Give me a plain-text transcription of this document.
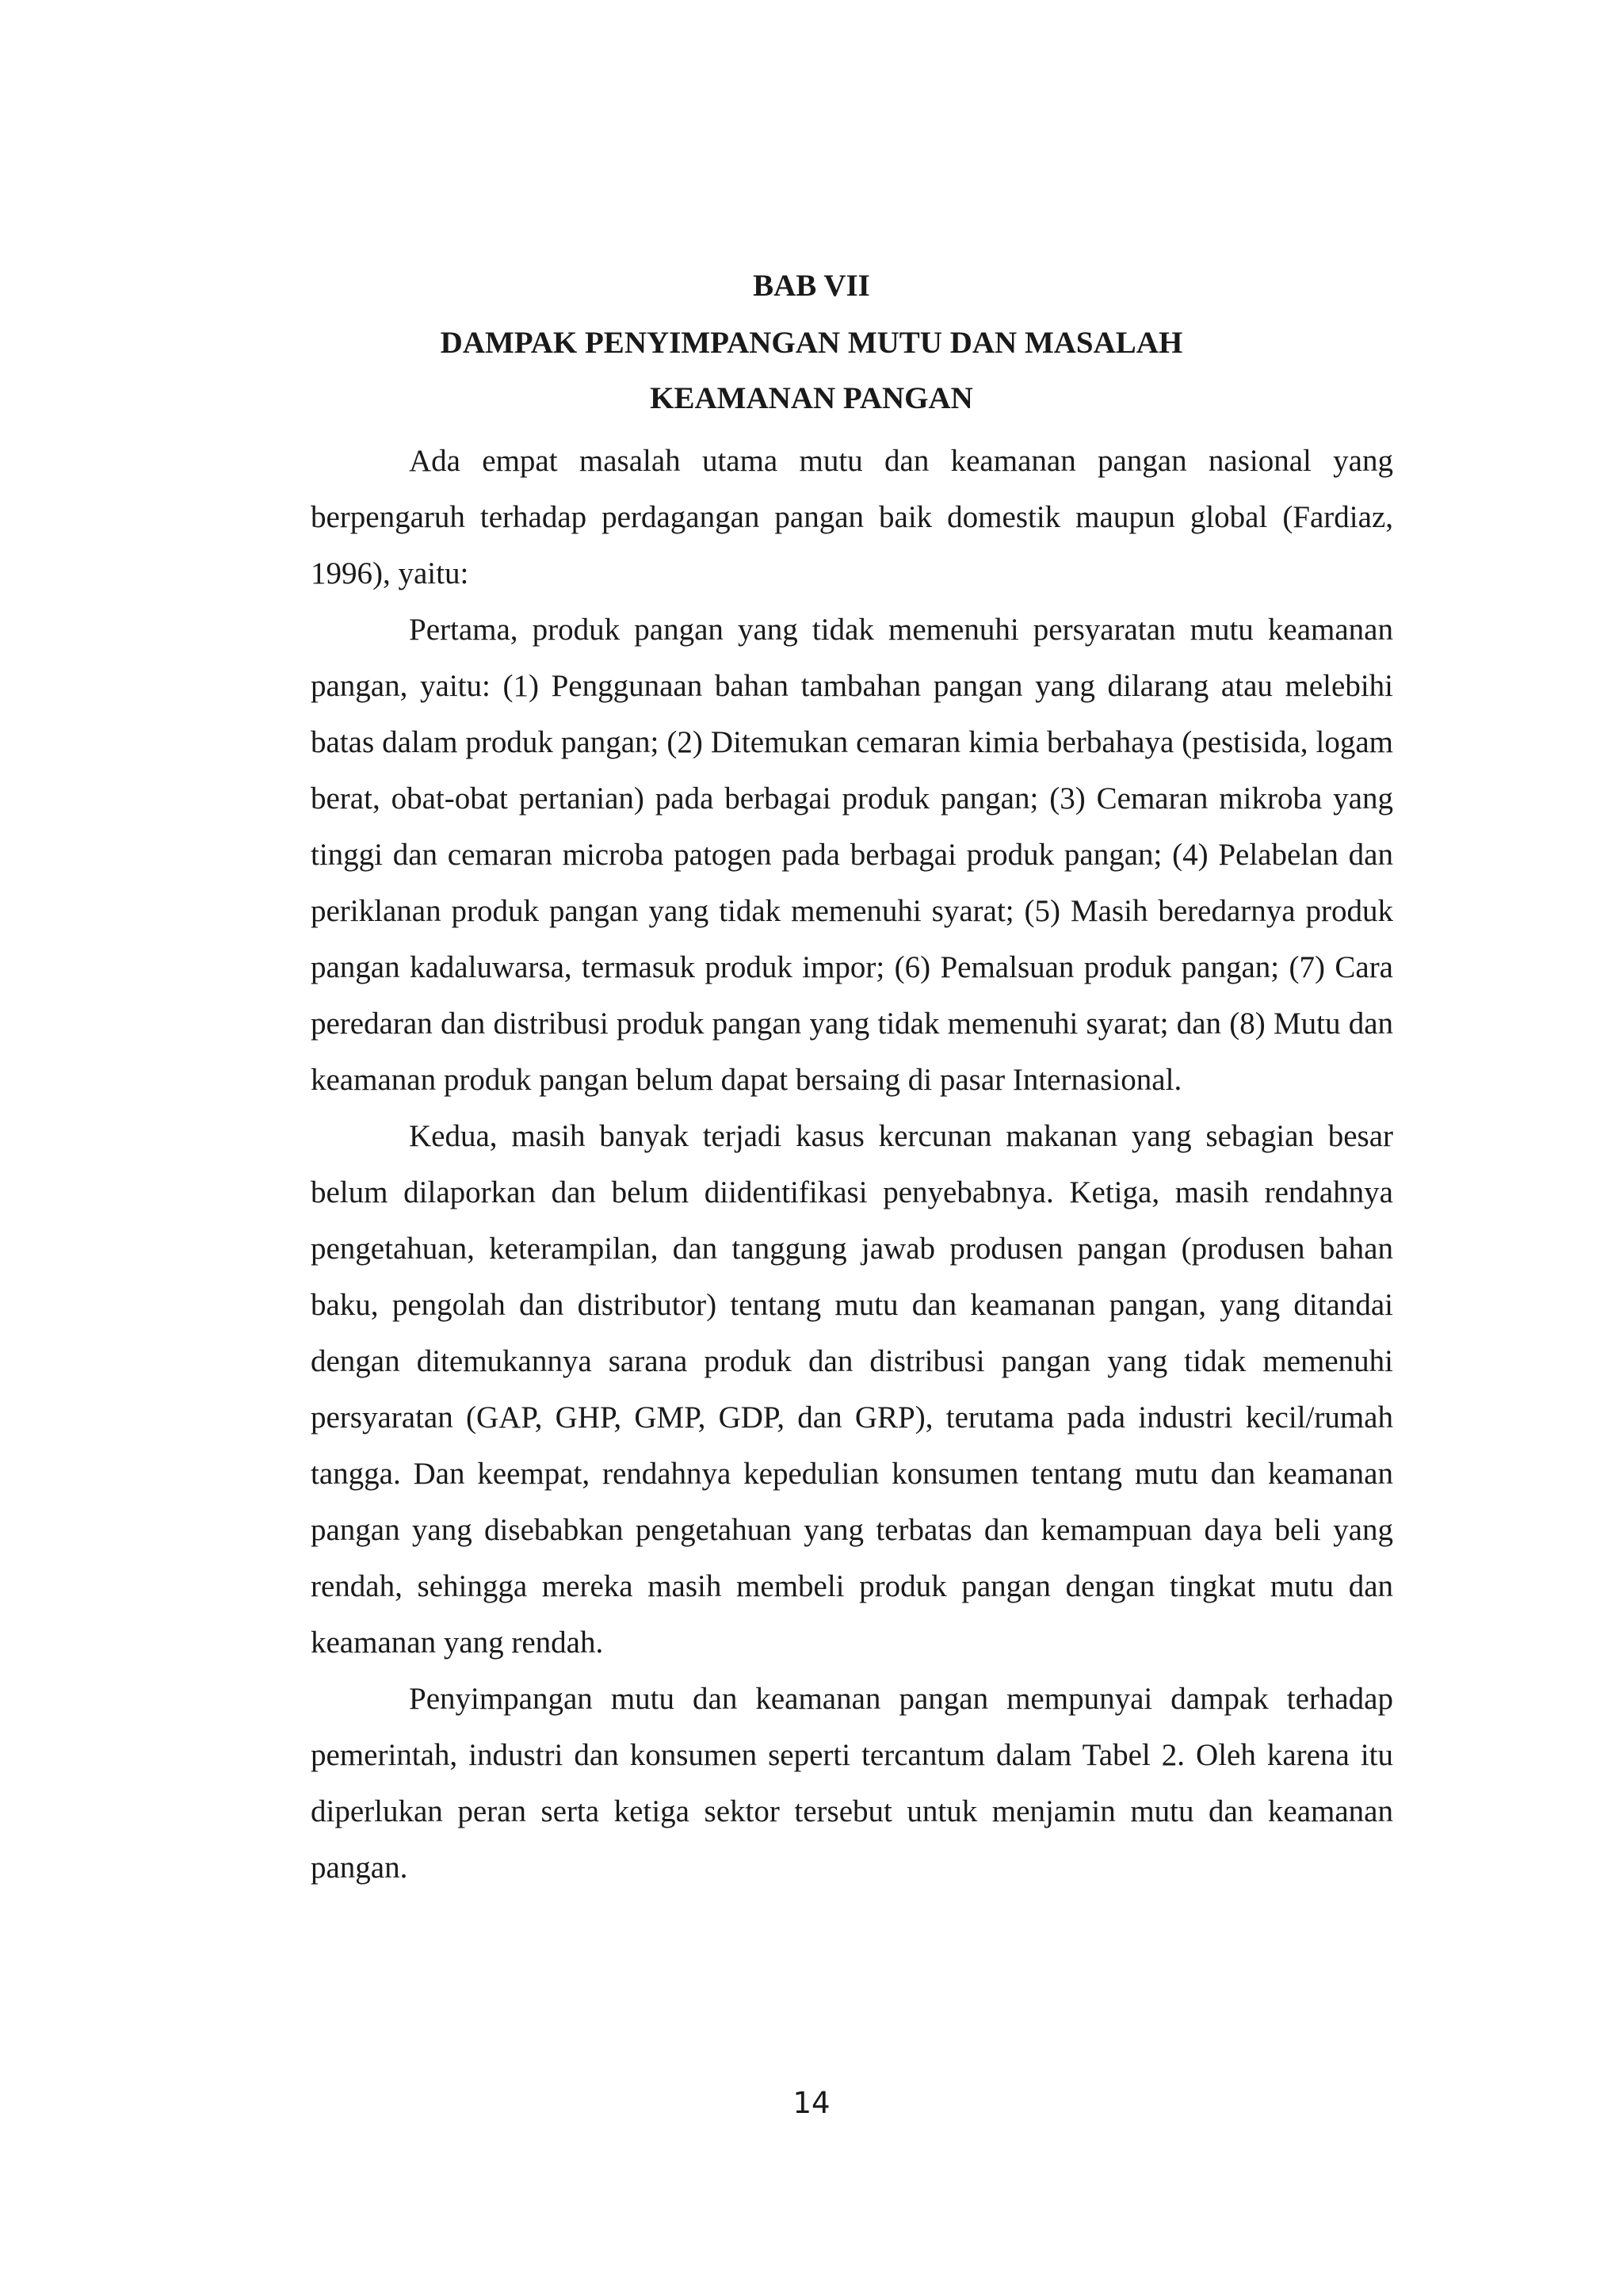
BAB VII
DAMPAK PENYIMPANGAN MUTU DAN MASALAH
KEAMANAN PANGAN

Ada empat masalah utama mutu dan keamanan pangan nasional yang berpengaruh terhadap perdagangan pangan baik domestik maupun global (Fardiaz, 1996), yaitu:

Pertama, produk pangan yang tidak memenuhi persyaratan mutu keamanan pangan, yaitu: (1) Penggunaan bahan tambahan pangan yang dilarang atau melebihi batas dalam produk pangan; (2) Ditemukan cemaran kimia berbahaya (pestisida, logam berat, obat-obat pertanian) pada berbagai produk pangan; (3) Cemaran mikroba yang tinggi dan cemaran microba patogen pada berbagai produk pangan; (4) Pelabelan dan periklanan produk pangan yang tidak memenuhi syarat; (5) Masih beredarnya produk pangan kadaluwarsa, termasuk produk impor; (6) Pemalsuan produk pangan; (7) Cara peredaran dan distribusi produk pangan yang tidak memenuhi syarat; dan (8) Mutu dan keamanan produk pangan belum dapat bersaing di pasar Internasional.

Kedua, masih banyak terjadi kasus kercunan makanan yang sebagian besar belum dilaporkan dan belum diidentifikasi penyebabnya. Ketiga, masih rendahnya pengetahuan, keterampilan, dan tanggung jawab produsen pangan (produsen bahan baku, pengolah dan distributor) tentang mutu dan keamanan pangan, yang ditandai dengan ditemukannya sarana produk dan distribusi pangan yang tidak memenuhi persyaratan (GAP, GHP, GMP, GDP, dan GRP), terutama pada industri kecil/rumah tangga. Dan keempat, rendahnya kepedulian konsumen tentang mutu dan keamanan pangan yang disebabkan pengetahuan yang terbatas dan kemampuan daya beli yang rendah, sehingga mereka masih membeli produk pangan dengan tingkat mutu dan keamanan yang rendah.

Penyimpangan mutu dan keamanan pangan mempunyai dampak terhadap pemerintah, industri dan konsumen seperti tercantum dalam Tabel 2. Oleh karena itu diperlukan peran serta ketiga sektor tersebut untuk menjamin mutu dan keamanan pangan.

14
